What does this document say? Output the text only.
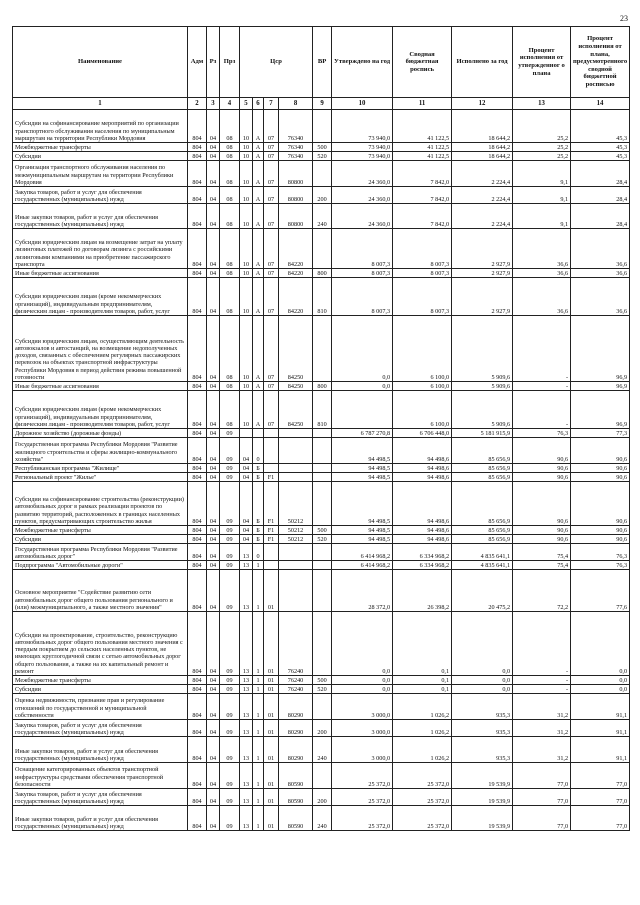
23
Наименование	Адм	Рз	Прз	Цср				ВР	Утверждено на год	Сводная бюджетная роспись	Исполнено за год	Процент исполнения от утвержденног о плана	Процент исполнения от плана, предусмотренного сводной бюджетной росписью
1	2	3	4	5	6	7	8	9	10	11	12	13	14
Субсидии на софинансирование мероприятий по организации транспортного обслуживания населения по муниципальным маршрутам на территории Республики Мордовия	804	04	08	10	А	07	76340		73 940,0	41 122,5	18 644,2	25,2	45,3
Межбюджетные трансферты	804	04	08	10	А	07	76340	500	73 940,0	41 122,5	18 644,2	25,2	45,3
Субсидии	804	04	08	10	А	07	76340	520	73 940,0	41 122,5	18 644,2	25,2	45,3
Организация транспортного обслуживания населения по межмуниципальным маршрутам на территории Республики Мордовия	804	04	08	10	А	07	80800		24 360,0	7 842,0	2 224,4	9,1	28,4
Закупка товаров, работ и услуг для обеспечения государственных (муниципальных) нужд	804	04	08	10	А	07	80800	200	24 360,0	7 842,0	2 224,4	9,1	28,4
Иные закупки товаров, работ и услуг для обеспечения государственных (муниципальных) нужд	804	04	08	10	А	07	80800	240	24 360,0	7 842,0	2 224,4	9,1	28,4
Субсидии юридическим лицам на возмещение затрат на уплату лизинговых платежей по договорам лизинга с российскими лизинговыми компаниями на приобретение пассажирского транспорта	804	04	08	10	А	07	84220		8 007,3	8 007,3	2 927,9	36,6	36,6
Иные бюджетные ассигнования	804	04	08	10	А	07	84220	800	8 007,3	8 007,3	2 927,9	36,6	36,6
Субсидии юридическим лицам (кроме некоммерческих организаций), индивидуальным предпринимателям, физическим лицам - производителям товаров, работ, услуг	804	04	08	10	А	07	84220	810	8 007,3	8 007,3	2 927,9	36,6	36,6
Субсидии юридическим лицам, осуществляющим деятельность автовокзалов и автостанций, на возмещение недополученных доходов, связанных с обеспечением регулярных пассажирских перевозок на объектах транспортной инфраструктуры Республики Мордовия в период действия режима повышенной готовности	804	04	08	10	А	07	84250		0,0	6 100,0	5 909,6	-	96,9
Иные бюджетные ассигнования	804	04	08	10	А	07	84250	800	0,0	6 100,0	5 909,6	-	96,9
Субсидии юридическим лицам (кроме некоммерческих организаций), индивидуальным предпринимателям, физическим лицам - производителям товаров, работ, услуг	804	04	08	10	А	07	84250	810		6 100,0	5 909,6	-	96,9
Дорожное хозяйство (дорожные фонды)	804	04	09						6 787 270,8	6 706 448,0	5 181 915,9	76,3	77,3
Государственная программа Республики Мордовия "Развитие жилищного строительства и сферы жилищно-коммунального хозяйства"	804	04	09	04	0				94 498,5	94 498,6	85 656,9	90,6	90,6
Республиканская программа "Жилище"	804	04	09	04	Б				94 498,5	94 498,6	85 656,9	90,6	90,6
Региональный проект "Жилье"	804	04	09	04	Б	F1			94 498,5	94 498,6	85 656,9	90,6	90,6
Субсидии на софинансирование строительства (реконструкции) автомобильных дорог в рамках реализации проектов по развитию территорий, расположенных в границах населенных пунктов, предусматривающих строительство жилья	804	04	09	04	Б	F1	50212		94 498,5	94 498,6	85 656,9	90,6	90,6
Межбюджетные трансферты	804	04	09	04	Б	F1	50212	500	94 498,5	94 498,6	85 656,9	90,6	90,6
Субсидии	804	04	09	04	Б	F1	50212	520	94 498,5	94 498,6	85 656,9	90,6	90,6
Государственная программа Республики Мордовия "Развитие автомобильных дорог"	804	04	09	13	0				6 414 968,2	6 334 968,2	4 835 641,1	75,4	76,3
Подпрограмма "Автомобильные дороги"	804	04	09	13	1				6 414 968,2	6 334 968,2	4 835 641,1	75,4	76,3
Основное мероприятие "Содействие развитию сети автомобильных дорог общего пользования регионального и (или) межмуниципального, а также местного значения"	804	04	09	13	1	01			28 372,0	26 398,2	20 475,2	72,2	77,6
Субсидии на проектирование, строительство, реконструкцию автомобильных дорог общего пользования местного значения с твердым покрытием до сельских населенных пунктов, не имеющих круглогодичной связи с сетью автомобильных дорог общего пользования, а также на их капитальный ремонт и ремонт	804	04	09	13	1	01	76240		0,0	0,1	0,0	-	0,0
Межбюджетные трансферты	804	04	09	13	1	01	76240	500	0,0	0,1	0,0	-	0,0
Субсидии	804	04	09	13	1	01	76240	520	0,0	0,1	0,0	-	0,0
Оценка недвижимости, признание прав и регулирование отношений по государственной и муниципальной собственности	804	04	09	13	1	01	80290		3 000,0	1 026,2	935,3	31,2	91,1
Закупка товаров, работ и услуг для обеспечения государственных (муниципальных) нужд	804	04	09	13	1	01	80290	200	3 000,0	1 026,2	935,3	31,2	91,1
Иные закупки товаров, работ и услуг для обеспечения государственных (муниципальных) нужд	804	04	09	13	1	01	80290	240	3 000,0	1 026,2	935,3	31,2	91,1
Оснащение категорированных объектов транспортной инфраструктуры средствами обеспечения транспортной безопасности	804	04	09	13	1	01	80590		25 372,0	25 372,0	19 539,9	77,0	77,0
Закупка товаров, работ и услуг для обеспечения государственных (муниципальных) нужд	804	04	09	13	1	01	80590	200	25 372,0	25 372,0	19 539,9	77,0	77,0
Иные закупки товаров, работ и услуг для обеспечения государственных (муниципальных) нужд	804	04	09	13	1	01	80590	240	25 372,0	25 372,0	19 539,9	77,0	77,0
